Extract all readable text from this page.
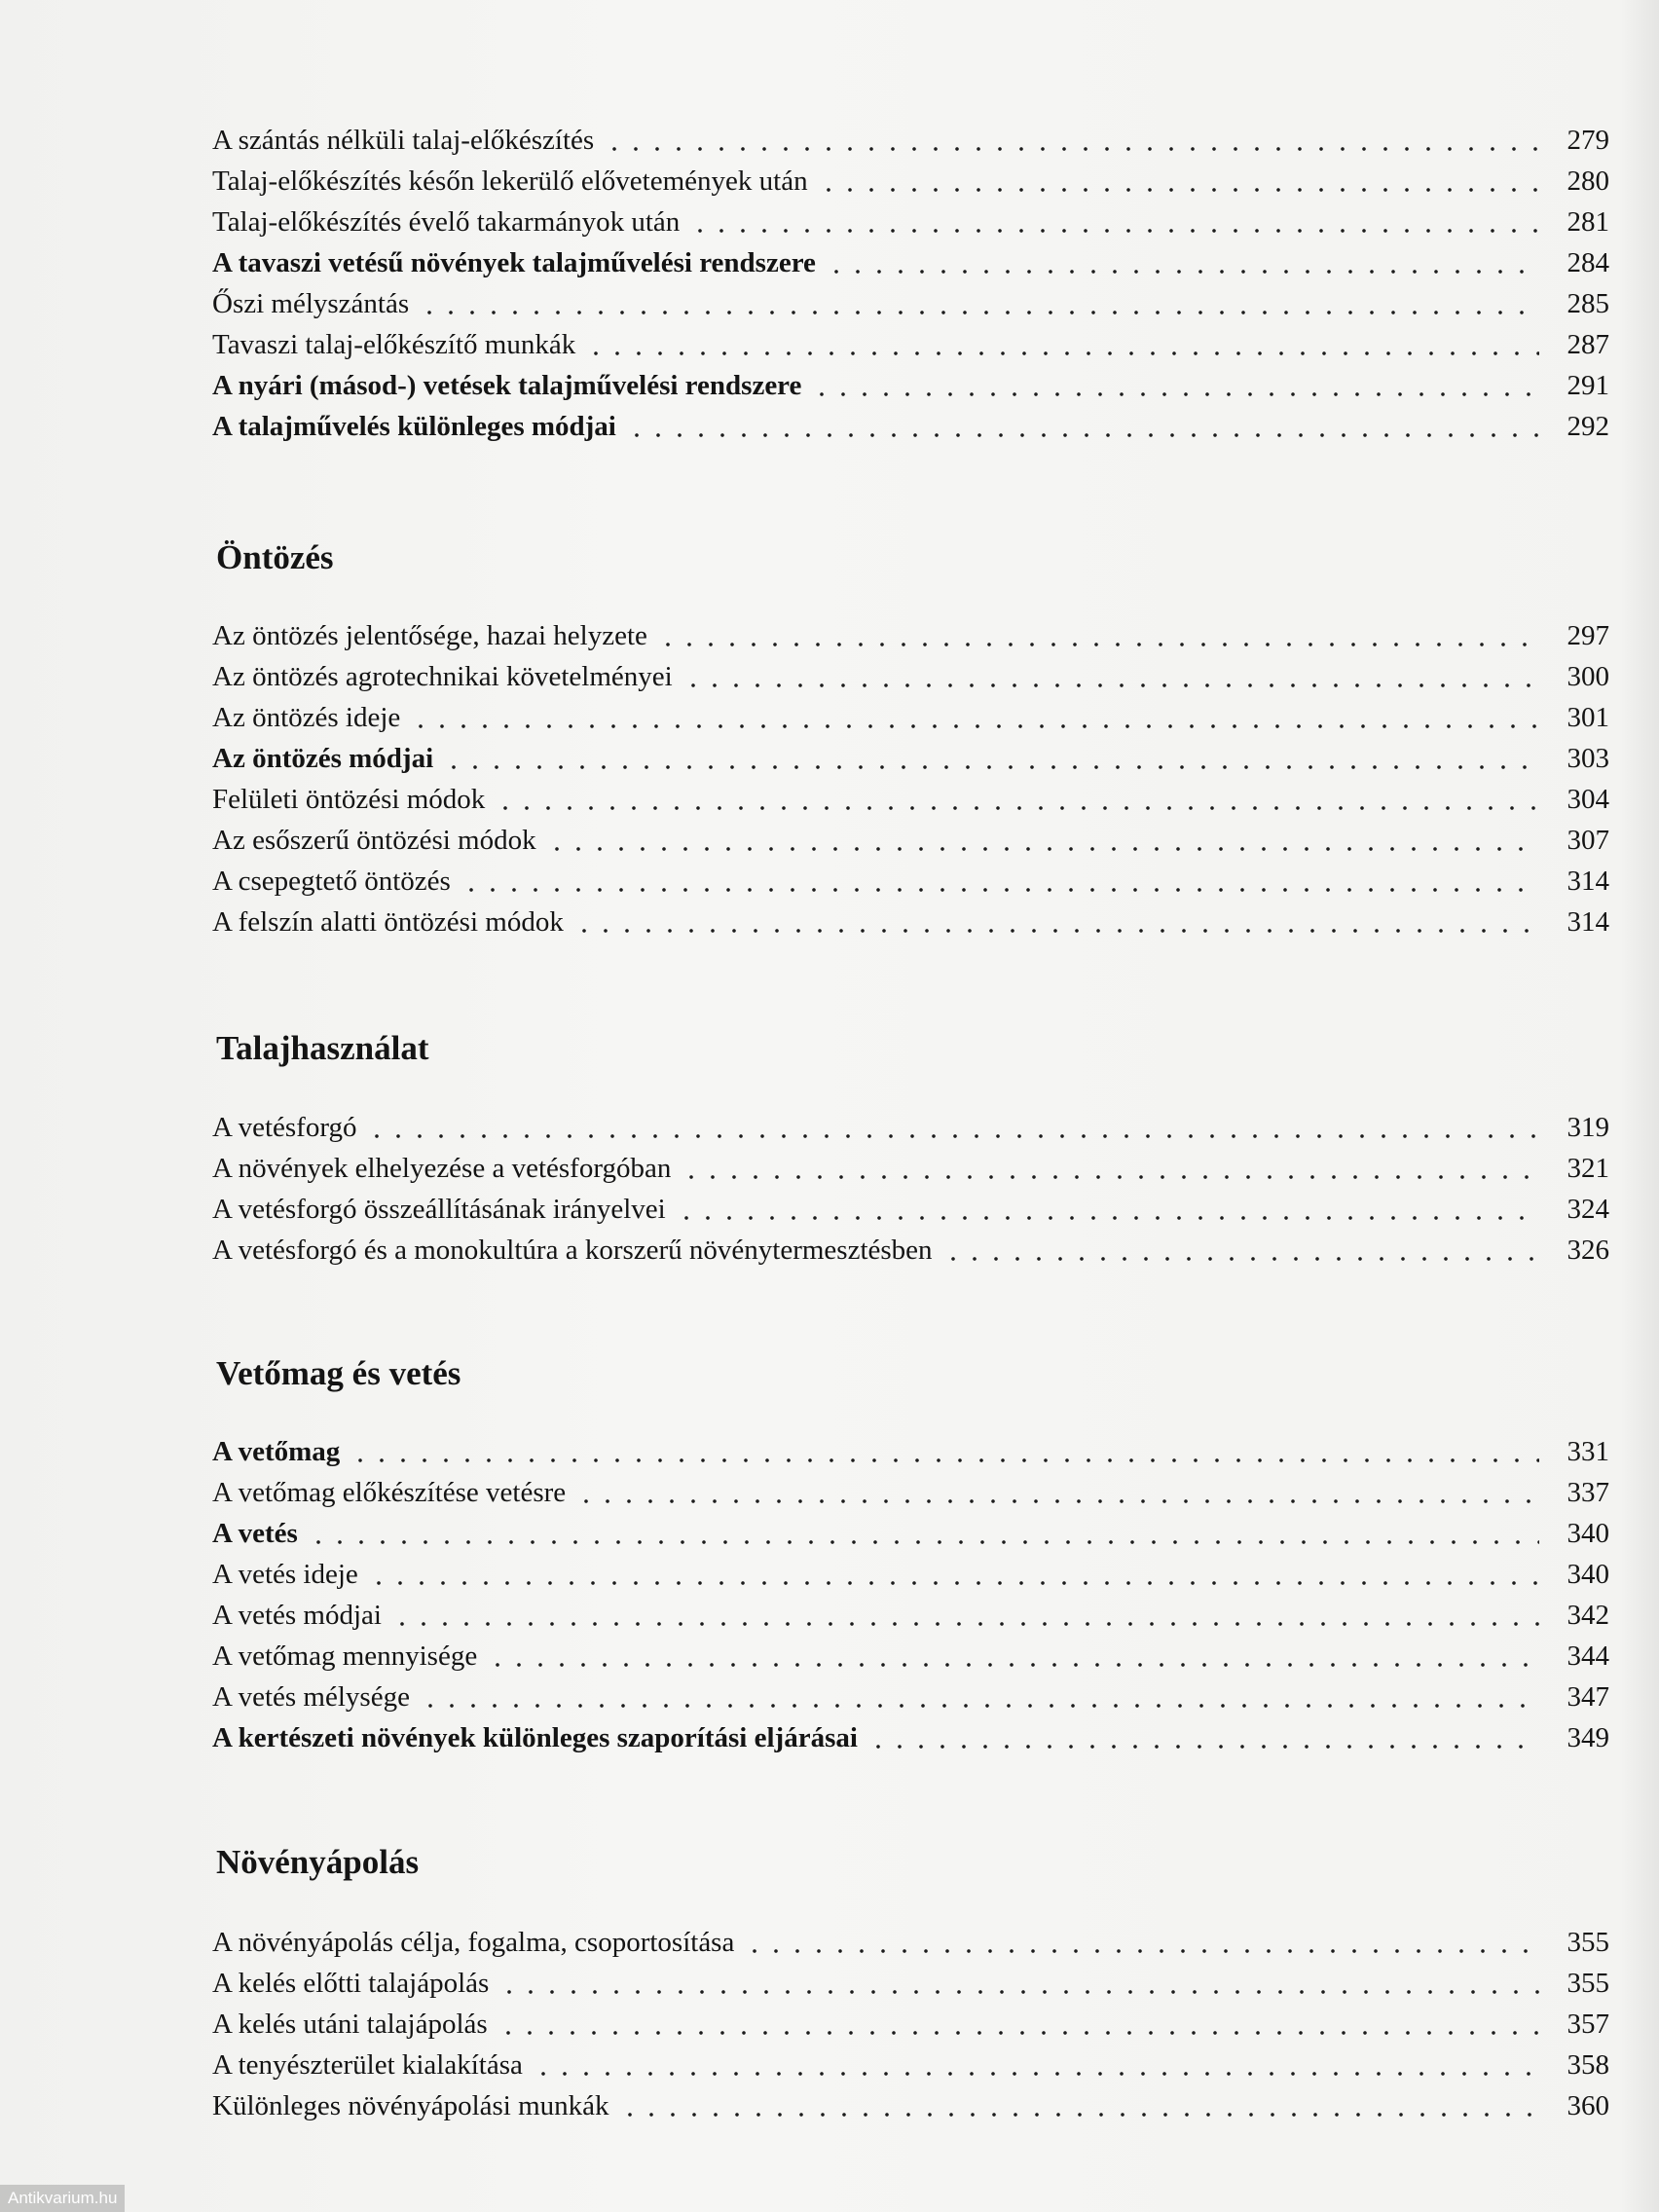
A szántás nélküli talaj-előkészítés	279
Talaj-előkészítés későn lekerülő elővetemények után	280
Talaj-előkészítés évelő takarmányok után	281
A tavaszi vetésű növények talajművelési rendszere	284
Őszi mélyszántás	285
Tavaszi talaj-előkészítő munkák	287
A nyári (másod-) vetések talajművelési rendszere	291
A talajművelés különleges módjai	292
Öntözés
Az öntözés jelentősége, hazai helyzete	297
Az öntözés agrotechnikai követelményei	300
Az öntözés ideje	301
Az öntözés módjai	303
Felületi öntözési módok	304
Az esőszerű öntözési módok	307
A csepegtető öntözés	314
A felszín alatti öntözési módok	314
Talajhasználat
A vetésforgó	319
A növények elhelyezése a vetésforgóban	321
A vetésforgó összeállításának irányelvei	324
A vetésforgó és a monokultúra a korszerű növénytermesztésben	326
Vetőmag és vetés
A vetőmag	331
A vetőmag előkészítése vetésre	337
A vetés	340
A vetés ideje	340
A vetés módjai	342
A vetőmag mennyisége	344
A vetés mélysége	347
A kertészeti növények különleges szaporítási eljárásai	349
Növényápolás
A növényápolás célja, fogalma, csoportosítása	355
A kelés előtti talajápolás	355
A kelés utáni talajápolás	357
A tenyészterület kialakítása	358
Különleges növényápolási munkák	360
Antikvarium.hu
